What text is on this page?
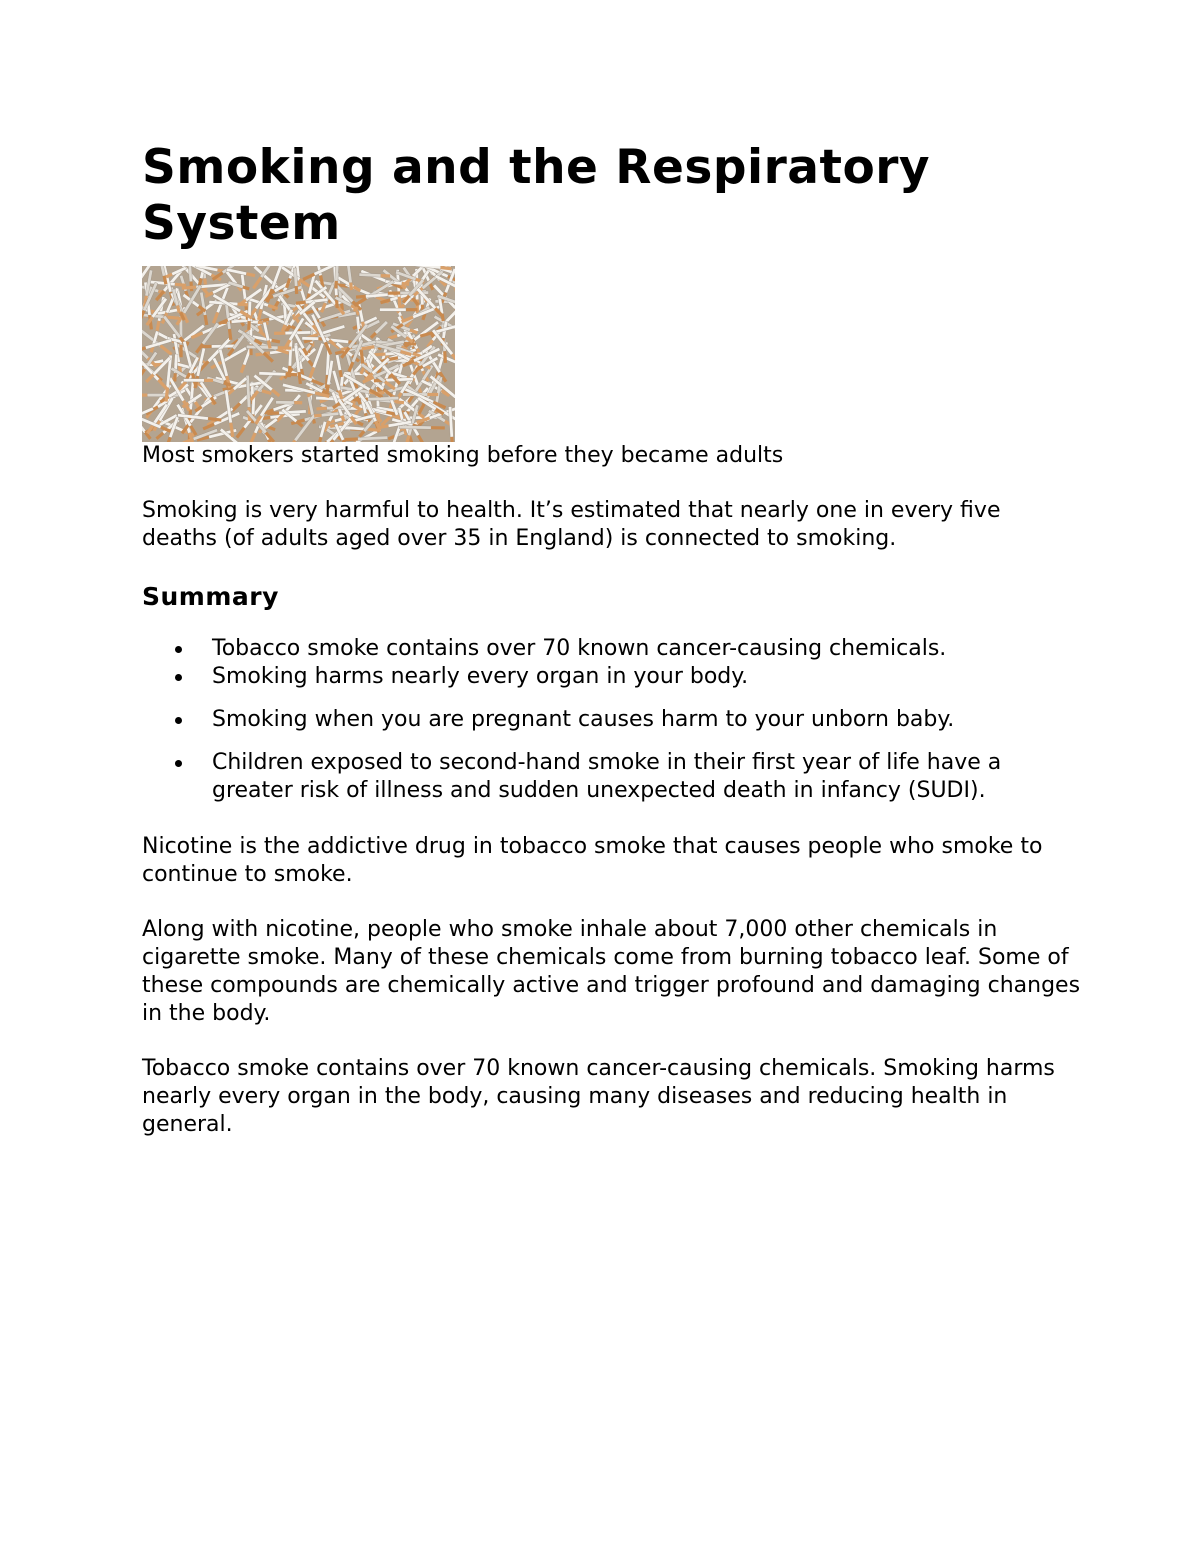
Smoking and the Respiratory System

Most smokers started smoking before they became adults

Smoking is very harmful to health. It’s estimated that nearly one in every five deaths (of adults aged over 35 in England) is connected to smoking.

Summary
Tobacco smoke contains over 70 known cancer-causing chemicals.
Smoking harms nearly every organ in your body.
Smoking when you are pregnant causes harm to your unborn baby.
Children exposed to second-hand smoke in their first year of life have a greater risk of illness and sudden unexpected death in infancy (SUDI).

Nicotine is the addictive drug in tobacco smoke that causes people who smoke to continue to smoke.

Along with nicotine, people who smoke inhale about 7,000 other chemicals in cigarette smoke. Many of these chemicals come from burning tobacco leaf. Some of these compounds are chemically active and trigger profound and damaging changes in the body.

Tobacco smoke contains over 70 known cancer-causing chemicals. Smoking harms nearly every organ in the body, causing many diseases and reducing health in general.
